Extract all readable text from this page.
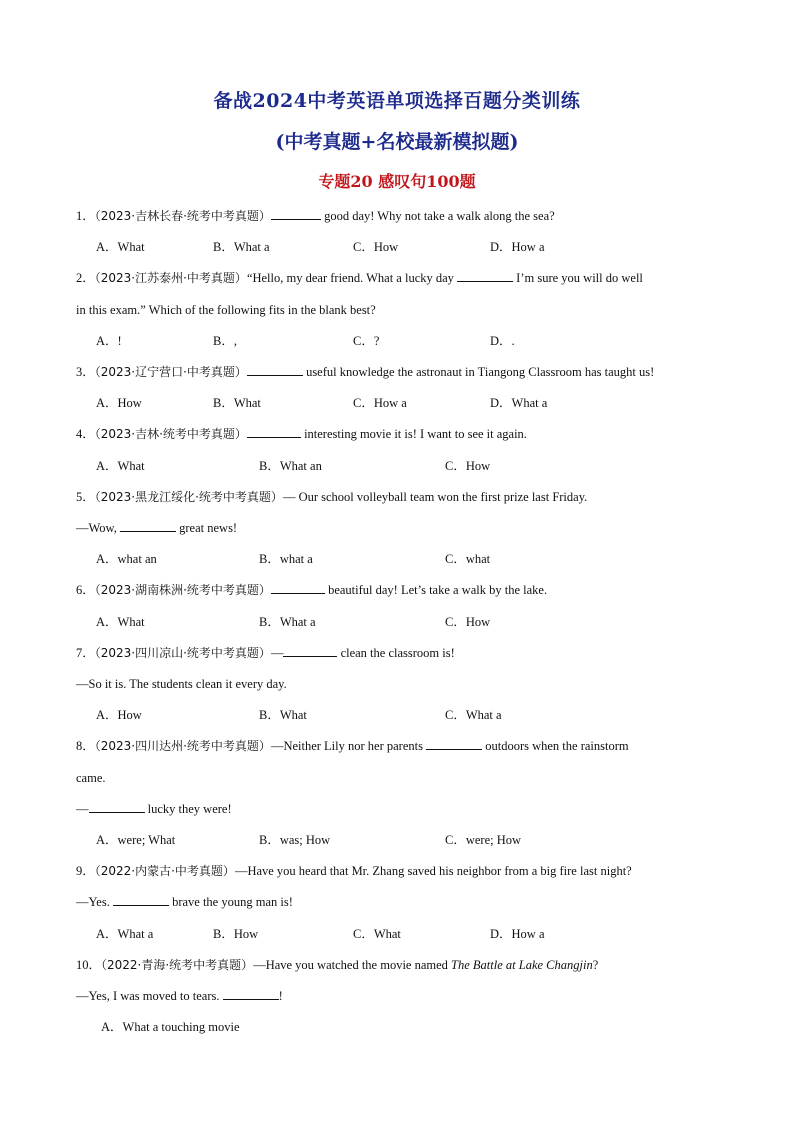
备战2024中考英语单项选择百题分类训练
(中考真题+名校最新模拟题)
专题20 感叹句100题
1．（2023·吉林长春·统考中考真题）	good day! Why not take a walk along the sea?
A．What	B．What a	C．How	D．How a
2．（2023·江苏泰州·中考真题）“Hello, my dear friend. What a lucky day	I’m sure you will do well
in this exam.” Which of the following fits in the blank best?
A．!	B．,	C．?	D．.
3．（2023·辽宁营口·中考真题）	useful knowledge the astronaut in Tiangong Classroom has taught us!
A．How	B．What	C．How a	D．What a
4．（2023·吉林·统考中考真题）	interesting movie it is! I want to see it again.
A．What	B．What an	C．How
5．（2023·黑龙江绥化·统考中考真题）— Our school volleyball team won the first prize last Friday.
—Wow,	great news!
A．what an	B．what a	C．what
6．（2023·湖南株洲·统考中考真题）	beautiful day! Let’s take a walk by the lake.
A．What	B．What a	C．How
7．（2023·四川凉山·统考中考真题）—	clean the classroom is!
—So it is. The students clean it every day.
A．How	B．What	C．What a
8．（2023·四川达州·统考中考真题）—Neither Lily nor her parents	outdoors when the rainstorm
came.
—	lucky they were!
A．were; What	B．was; How	C．were; How
9．（2022·内蒙古·中考真题）—Have you heard that Mr. Zhang saved his neighbor from a big fire last night?
—Yes.	brave the young man is!
A．What a	B．How	C．What	D．How a
10．（2022·青海·统考中考真题）—Have you watched the movie named The Battle at Lake Changjin?
—Yes, I was moved to tears.	!
A．What a touching movie
